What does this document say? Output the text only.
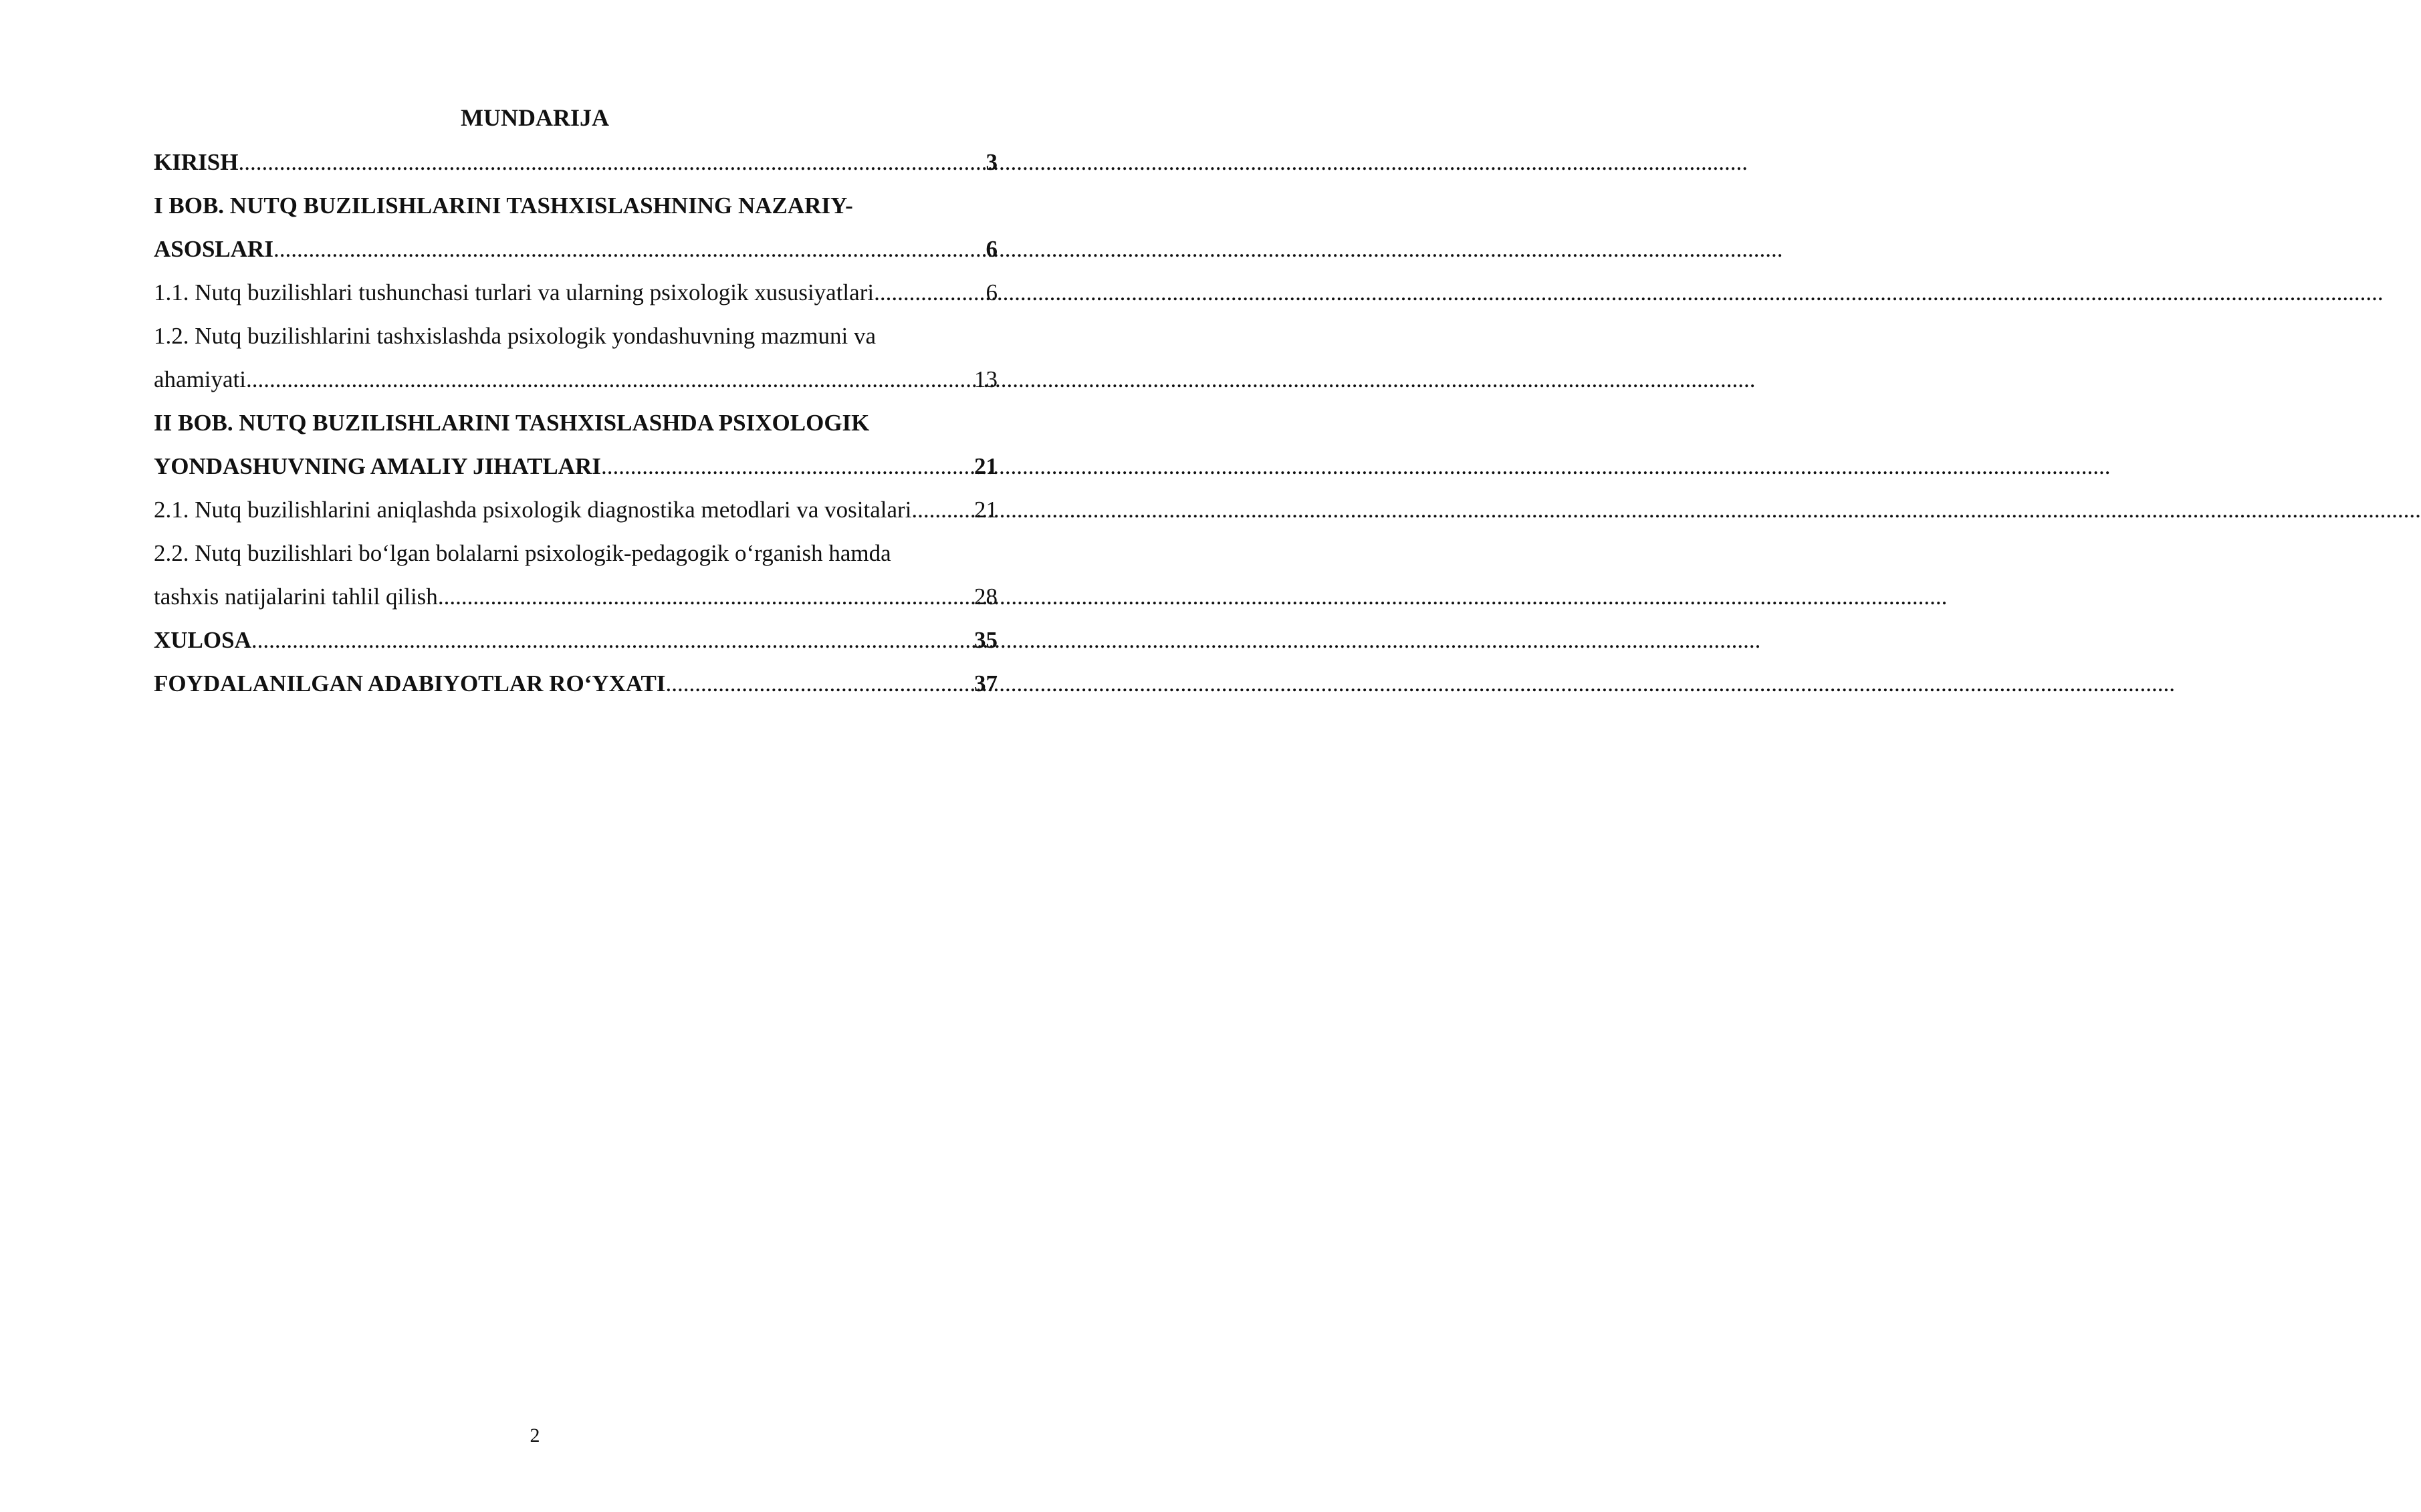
MUNDARIJA
KIRISH .....	3
I BOB. NUTQ BUZILISHLARINI TASHXISLASHNING NAZARIY-
ASOSLARI .....	6
1.1. Nutq buzilishlari tushunchasi turlari va ularning psixologik xususiyatlari .....	6
1.2. Nutq buzilishlarini tashxislashda psixologik yondashuvning mazmuni va
ahamiyati .....	13
II BOB. NUTQ BUZILISHLARINI TASHXISLASHDA PSIXOLOGIK
YONDASHUVNING AMALIY JIHATLARI .....	21
2.1. Nutq buzilishlarini aniqlashda psixologik diagnostika metodlari va vositalari .....	21
2.2. Nutq buzilishlari bo‘lgan bolalarni psixologik-pedagogik o‘rganish hamda
tashxis natijalarini tahlil qilish .....	28
XULOSA .....	35
FOYDALANILGAN ADABIYOTLAR RO‘YXATI .....	37
2
